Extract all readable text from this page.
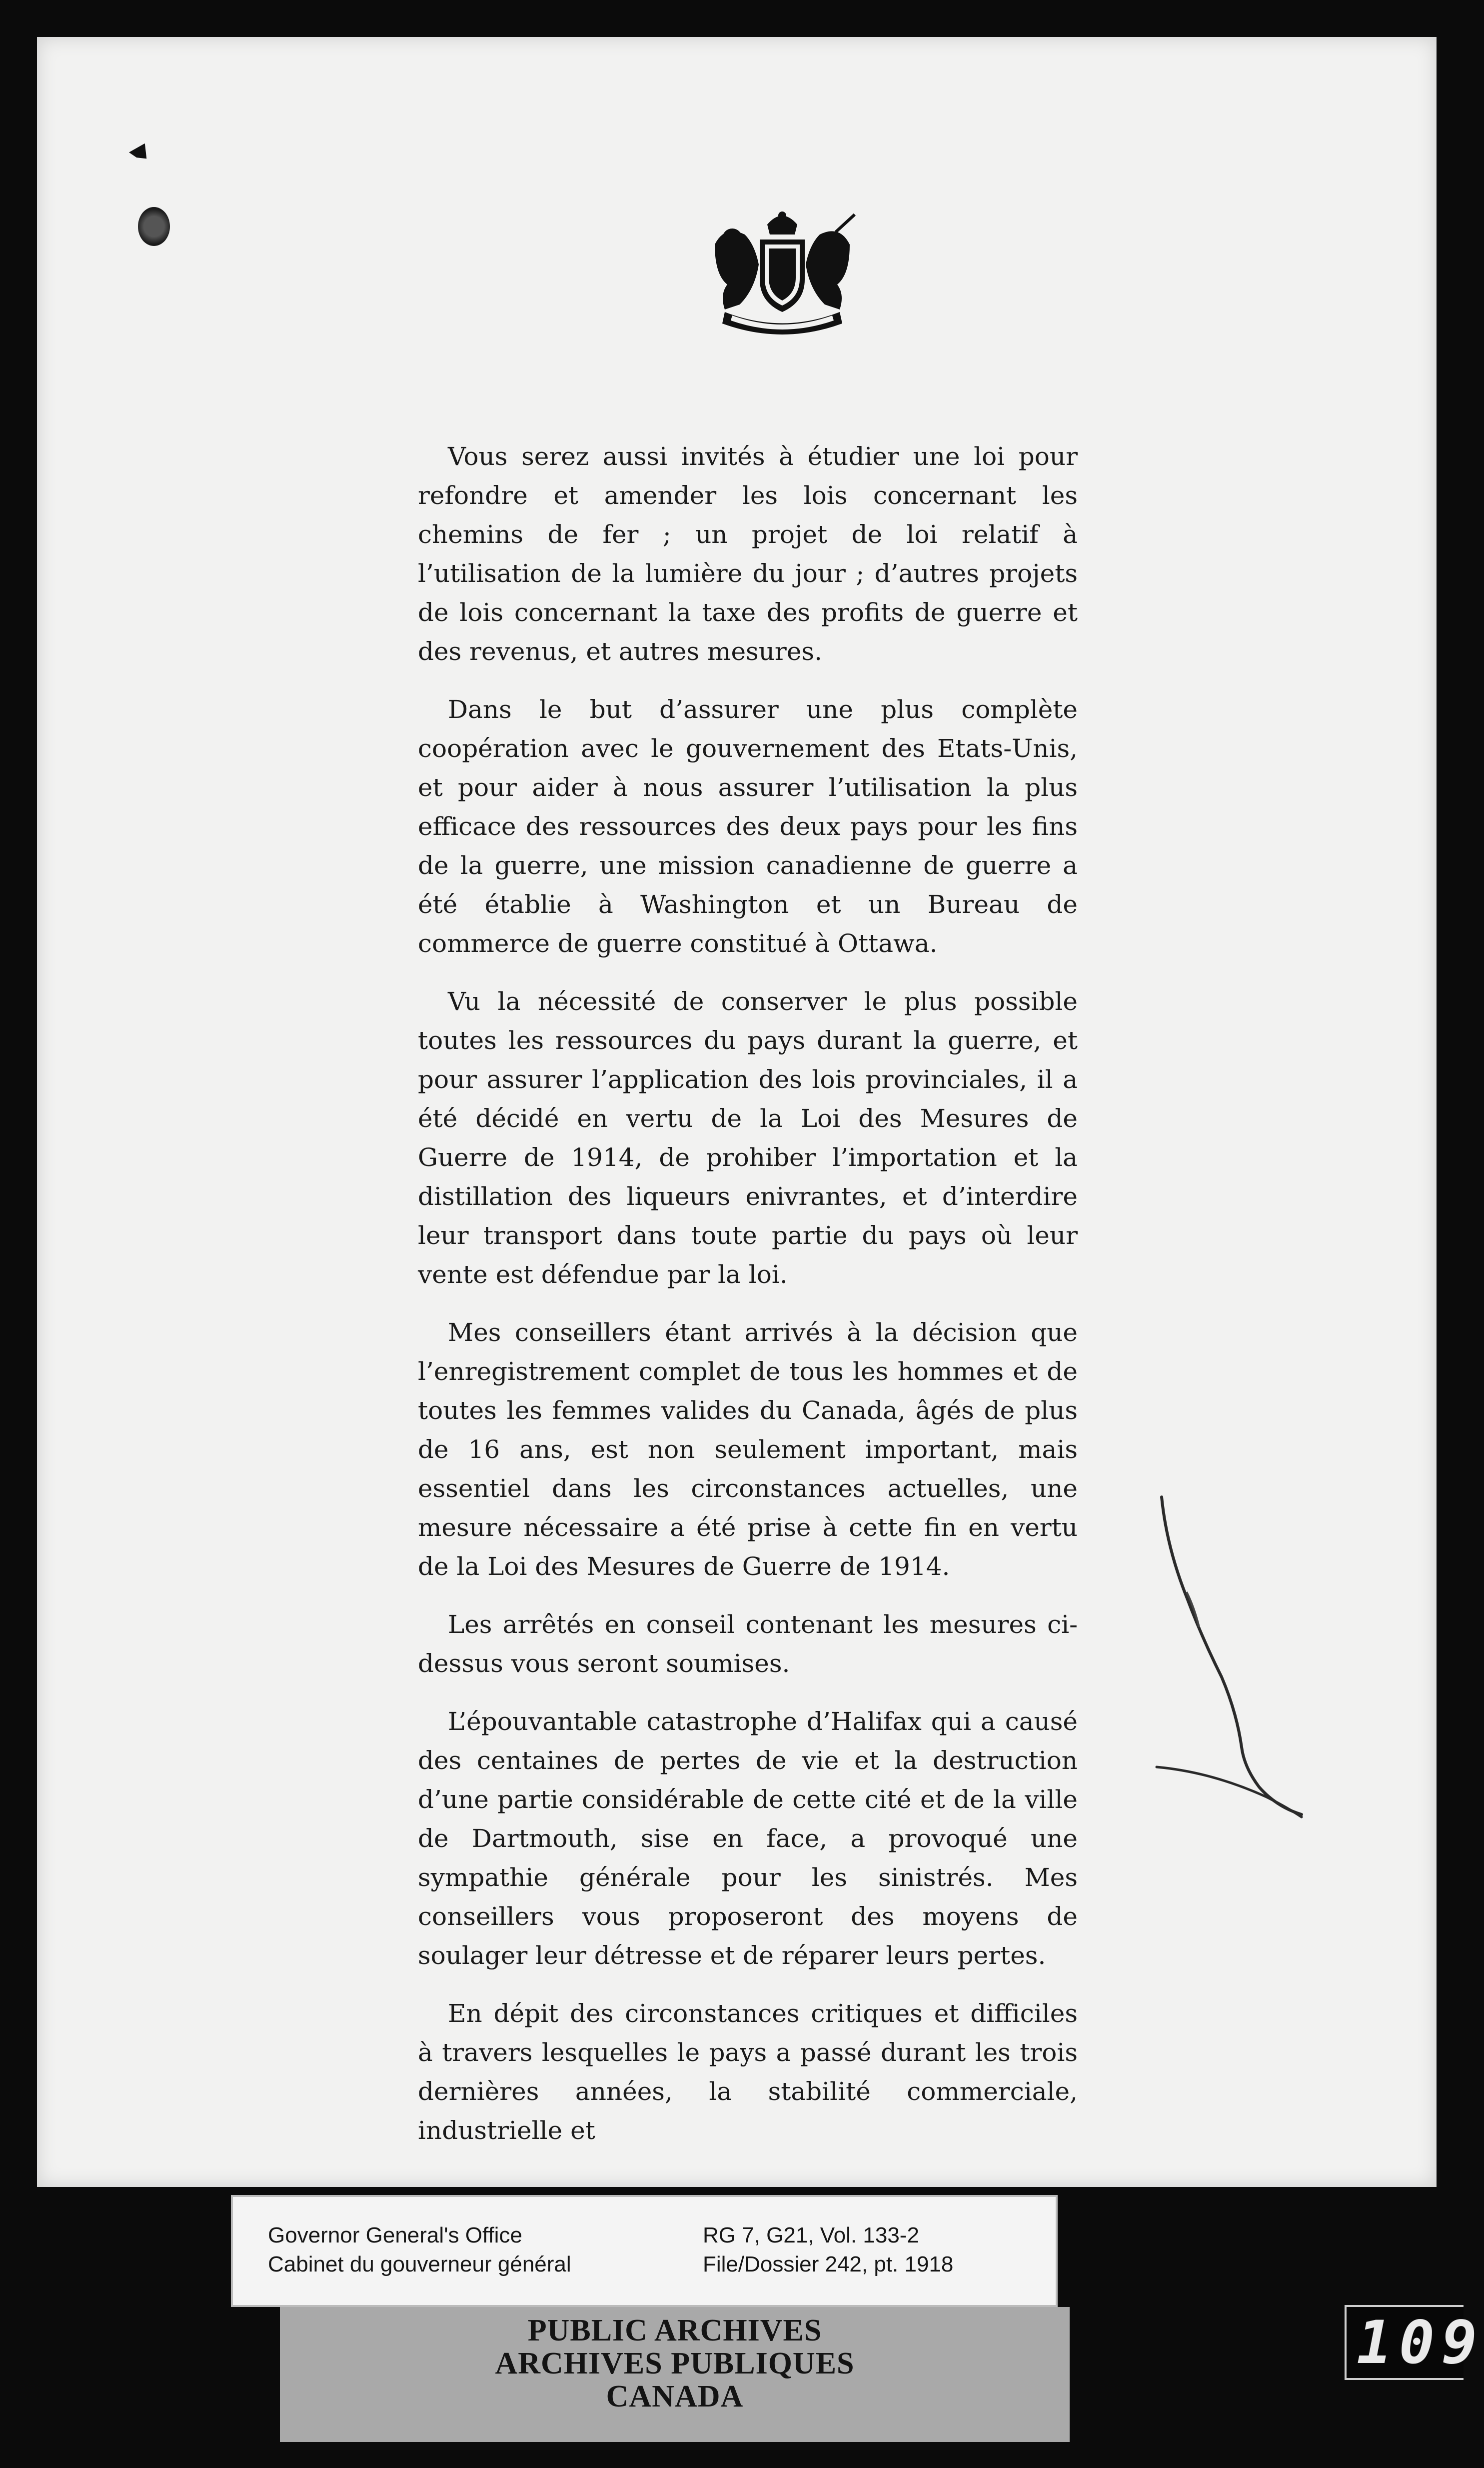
Vous serez aussi invités à étudier une loi pour refondre et amender les lois concernant les chemins de fer ; un projet de loi relatif à l’utilisation de la lumière du jour ; d’autres projets de lois concernant la taxe des profits de guerre et des revenus, et autres mesures.

Dans le but d’assurer une plus complète coopération avec le gouvernement des Etats-Unis, et pour aider à nous assurer l’utilisation la plus efficace des ressources des deux pays pour les fins de la guerre, une mission canadienne de guerre a été établie à Washington et un Bureau de commerce de guerre constitué à Ottawa.

Vu la nécessité de conserver le plus possible toutes les ressources du pays durant la guerre, et pour assurer l’application des lois provinciales, il a été décidé en vertu de la Loi des Mesures de Guerre de 1914, de prohiber l’importation et la distillation des liqueurs enivrantes, et d’interdire leur transport dans toute partie du pays où leur vente est défendue par la loi.

Mes conseillers étant arrivés à la décision que l’enregistrement complet de tous les hommes et de toutes les femmes valides du Canada, âgés de plus de 16 ans, est non seulement important, mais essentiel dans les circonstances actuelles, une mesure nécessaire a été prise à cette fin en vertu de la Loi des Mesures de Guerre de 1914.

Les arrêtés en conseil contenant les mesures ci-dessus vous seront soumises.

L’épouvantable catastrophe d’Halifax qui a causé des centaines de pertes de vie et la destruction d’une partie considérable de cette cité et de la ville de Dartmouth, sise en face, a provoqué une sympathie générale pour les sinistrés. Mes conseillers vous proposeront des moyens de soulager leur détresse et de réparer leurs pertes.

En dépit des circonstances critiques et difficiles à travers lesquelles le pays a passé durant les trois dernières années, la stabilité commerciale, industrielle et

Governor General's Office
Cabinet du gouverneur général
RG 7, G21, Vol. 133-2
File/Dossier 242, pt. 1918
PUBLIC ARCHIVES
ARCHIVES PUBLIQUES
CANADA
109
